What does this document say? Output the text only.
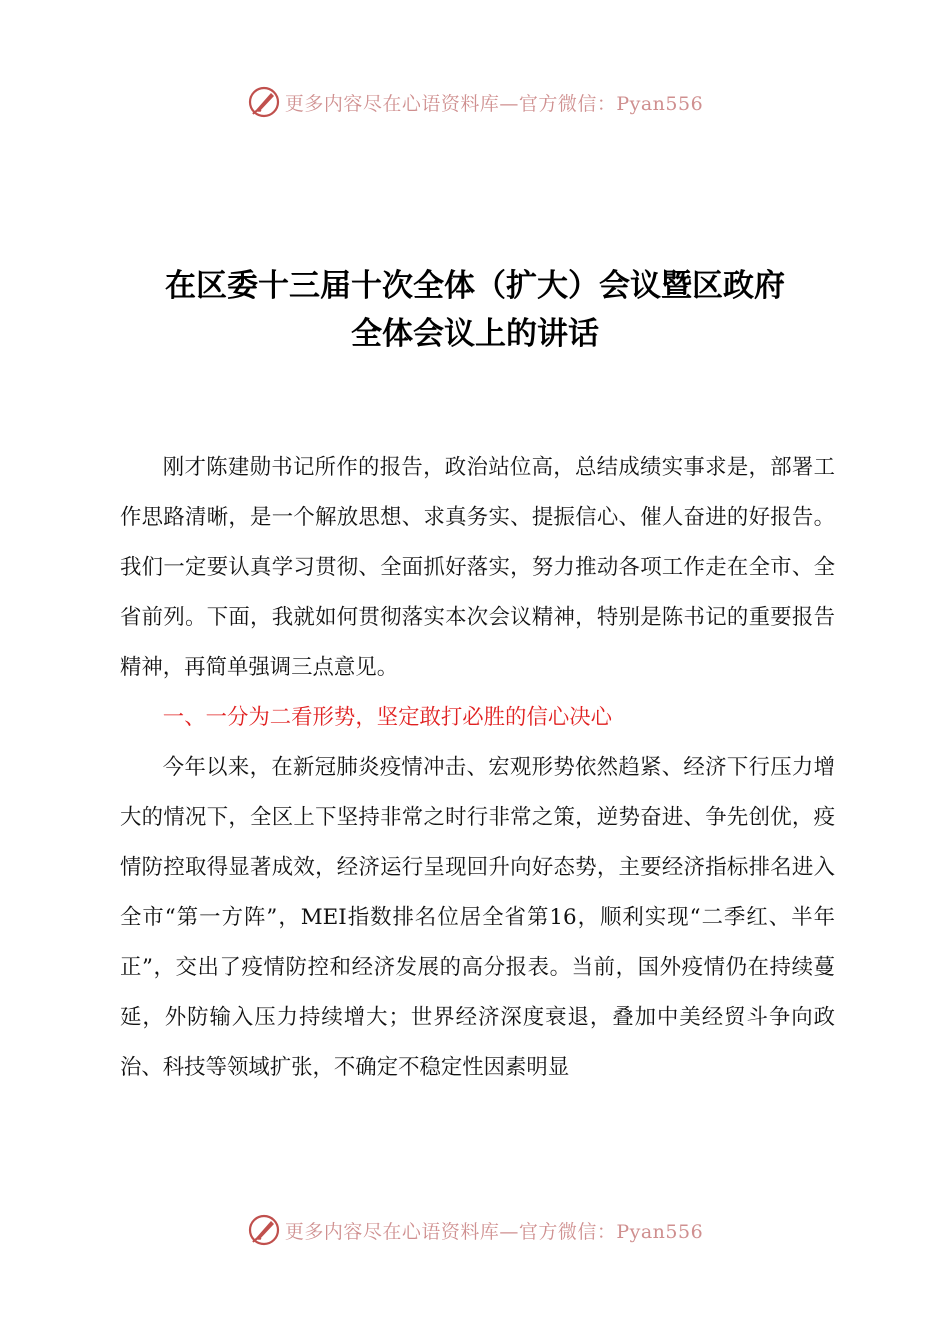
更多内容尽在心语资料库—官方微信：Pyan556
在区委十三届十次全体（扩大）会议暨区政府
全体会议上的讲话

刚才陈建勋书记所作的报告，政治站位高，总结成绩实事求是，部署工作思路清晰，是一个解放思想、求真务实、提振信心、催人奋进的好报告。我们一定要认真学习贯彻、全面抓好落实，努力推动各项工作走在全市、全省前列。下面，我就如何贯彻落实本次会议精神，特别是陈书记的重要报告精神，再简单强调三点意见。

一、一分为二看形势，坚定敢打必胜的信心决心

今年以来，在新冠肺炎疫情冲击、宏观形势依然趋紧、经济下行压力增大的情况下，全区上下坚持非常之时行非常之策，逆势奋进、争先创优，疫情防控取得显著成效，经济运行呈现回升向好态势，主要经济指标排名进入全市“第一方阵”，MEI指数排名位居全省第16，顺利实现“二季红、半年正”，交出了疫情防控和经济发展的高分报表。当前，国外疫情仍在持续蔓延，外防输入压力持续增大；世界经济深度衰退，叠加中美经贸斗争向政治、科技等领域扩张，不确定不稳定性因素明显

更多内容尽在心语资料库—官方微信：Pyan556
